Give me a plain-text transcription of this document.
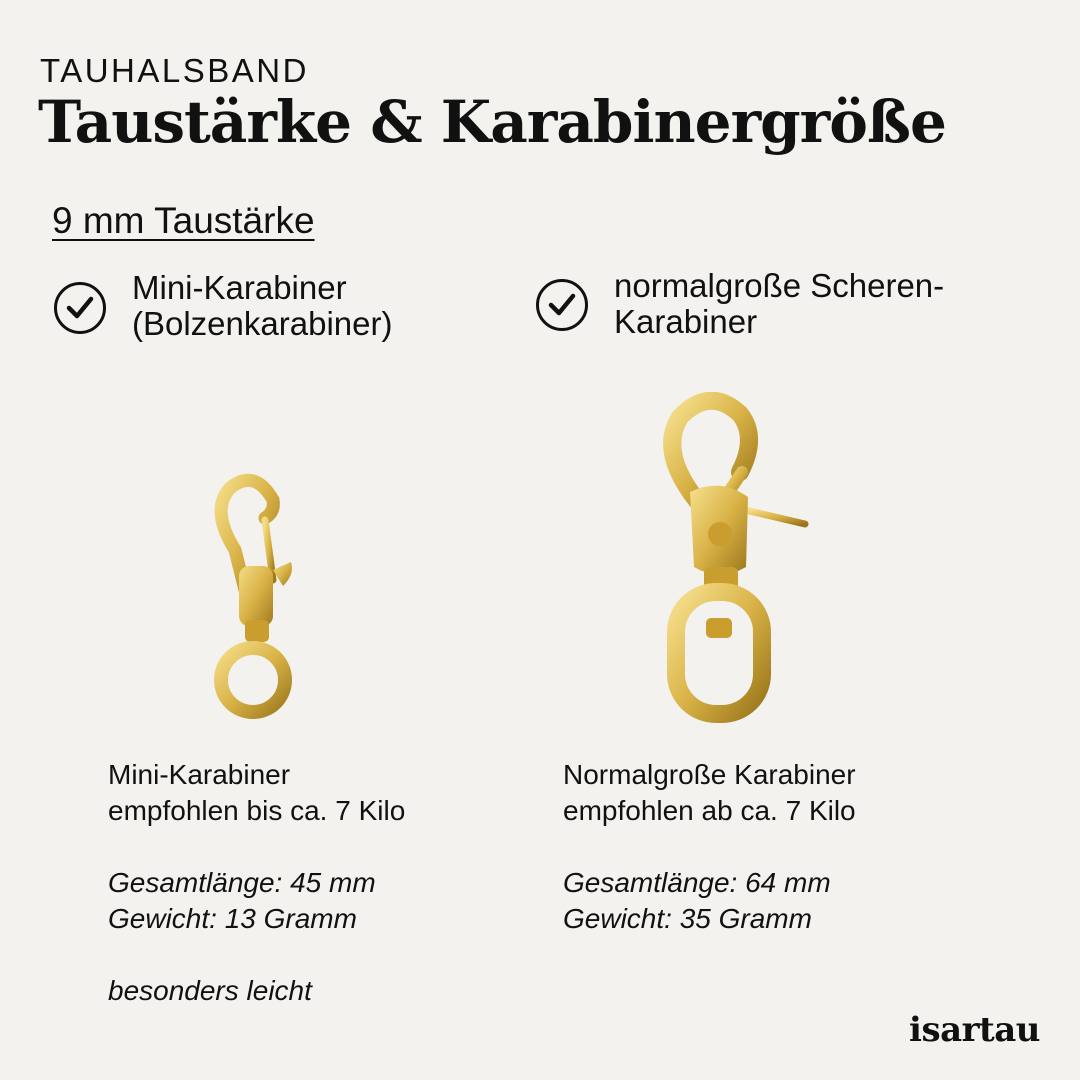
TAUHALSBAND
Taustärke & Karabinergröße
9 mm Taustärke
Mini-Karabiner
(Bolzenkarabiner)
normalgroße Scheren-
Karabiner

Mini-Karabiner

empfohlen bis ca. 7 Kilo

Gesamtlänge: 45 mm

Gewicht: 13 Gramm

besonders leicht

Normalgroße Karabiner

empfohlen ab ca. 7 Kilo

Gesamtlänge: 64 mm

Gewicht: 35 Gramm

isartau
